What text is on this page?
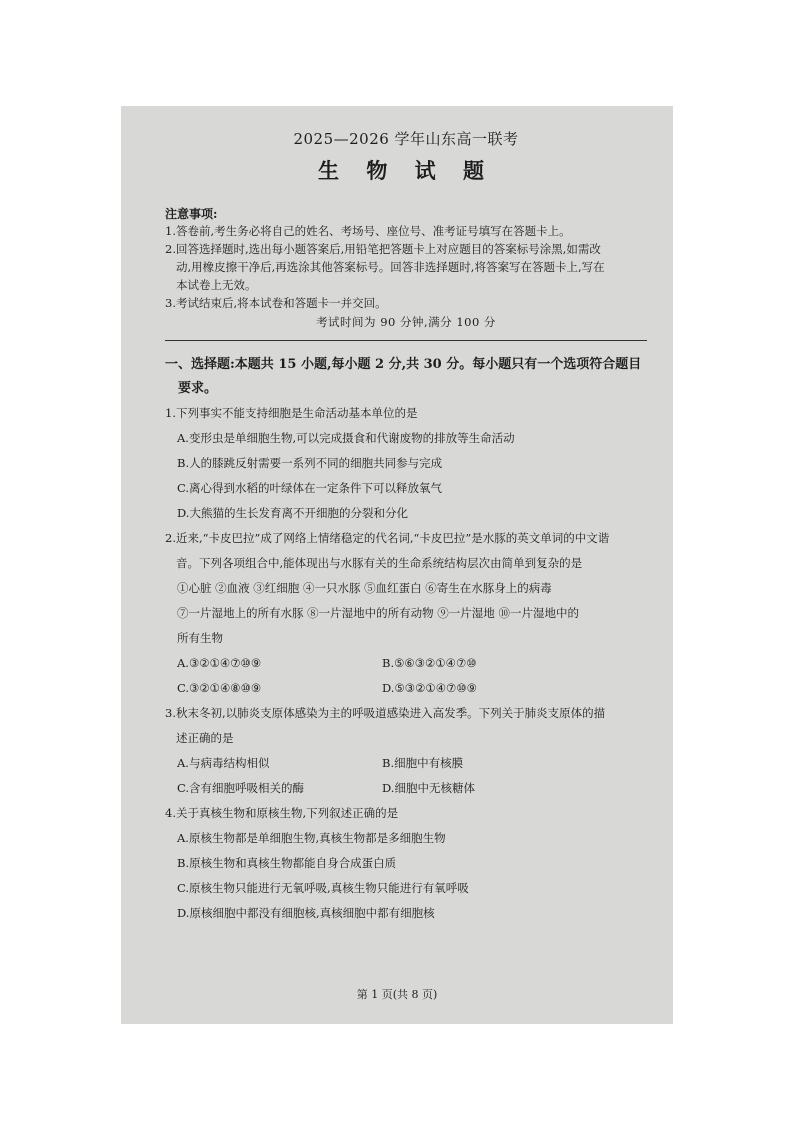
2025—2026 学年山东高一联考
生 物 试 题
注意事项:
1.答卷前,考生务必将自己的姓名、考场号、座位号、准考证号填写在答题卡上。
2.回答选择题时,选出每小题答案后,用铅笔把答题卡上对应题目的答案标号涂黑,如需改
动,用橡皮擦干净后,再选涂其他答案标号。回答非选择题时,将答案写在答题卡上,写在
本试卷上无效。
3.考试结束后,将本试卷和答题卡一并交回。
考试时间为 90 分钟,满分 100 分
一、选择题:本题共 15 小题,每小题 2 分,共 30 分。每小题只有一个选项符合题目
要求。
1.下列事实不能支持细胞是生命活动基本单位的是
A.变形虫是单细胞生物,可以完成摄食和代谢废物的排放等生命活动
B.人的膝跳反射需要一系列不同的细胞共同参与完成
C.离心得到水稻的叶绿体在一定条件下可以释放氧气
D.大熊猫的生长发育离不开细胞的分裂和分化
2.近来,“卡皮巴拉”成了网络上情绪稳定的代名词,“卡皮巴拉”是水豚的英文单词的中文谐
音。下列各项组合中,能体现出与水豚有关的生命系统结构层次由简单到复杂的是
①心脏 ②血液 ③红细胞 ④一只水豚 ⑤血红蛋白 ⑥寄生在水豚身上的病毒
⑦一片湿地上的所有水豚 ⑧一片湿地中的所有动物 ⑨一片湿地 ⑩一片湿地中的
所有生物
A.③②①④⑦⑩⑨	B.⑤⑥③②①④⑦⑩
C.③②①④⑧⑩⑨	D.⑤③②①④⑦⑩⑨
3.秋末冬初,以肺炎支原体感染为主的呼吸道感染进入高发季。下列关于肺炎支原体的描
述正确的是
A.与病毒结构相似	B.细胞中有核膜
C.含有细胞呼吸相关的酶	D.细胞中无核糖体
4.关于真核生物和原核生物,下列叙述正确的是
A.原核生物都是单细胞生物,真核生物都是多细胞生物
B.原核生物和真核生物都能自身合成蛋白质
C.原核生物只能进行无氧呼吸,真核生物只能进行有氧呼吸
D.原核细胞中都没有细胞核,真核细胞中都有细胞核
第 1 页(共 8 页)
